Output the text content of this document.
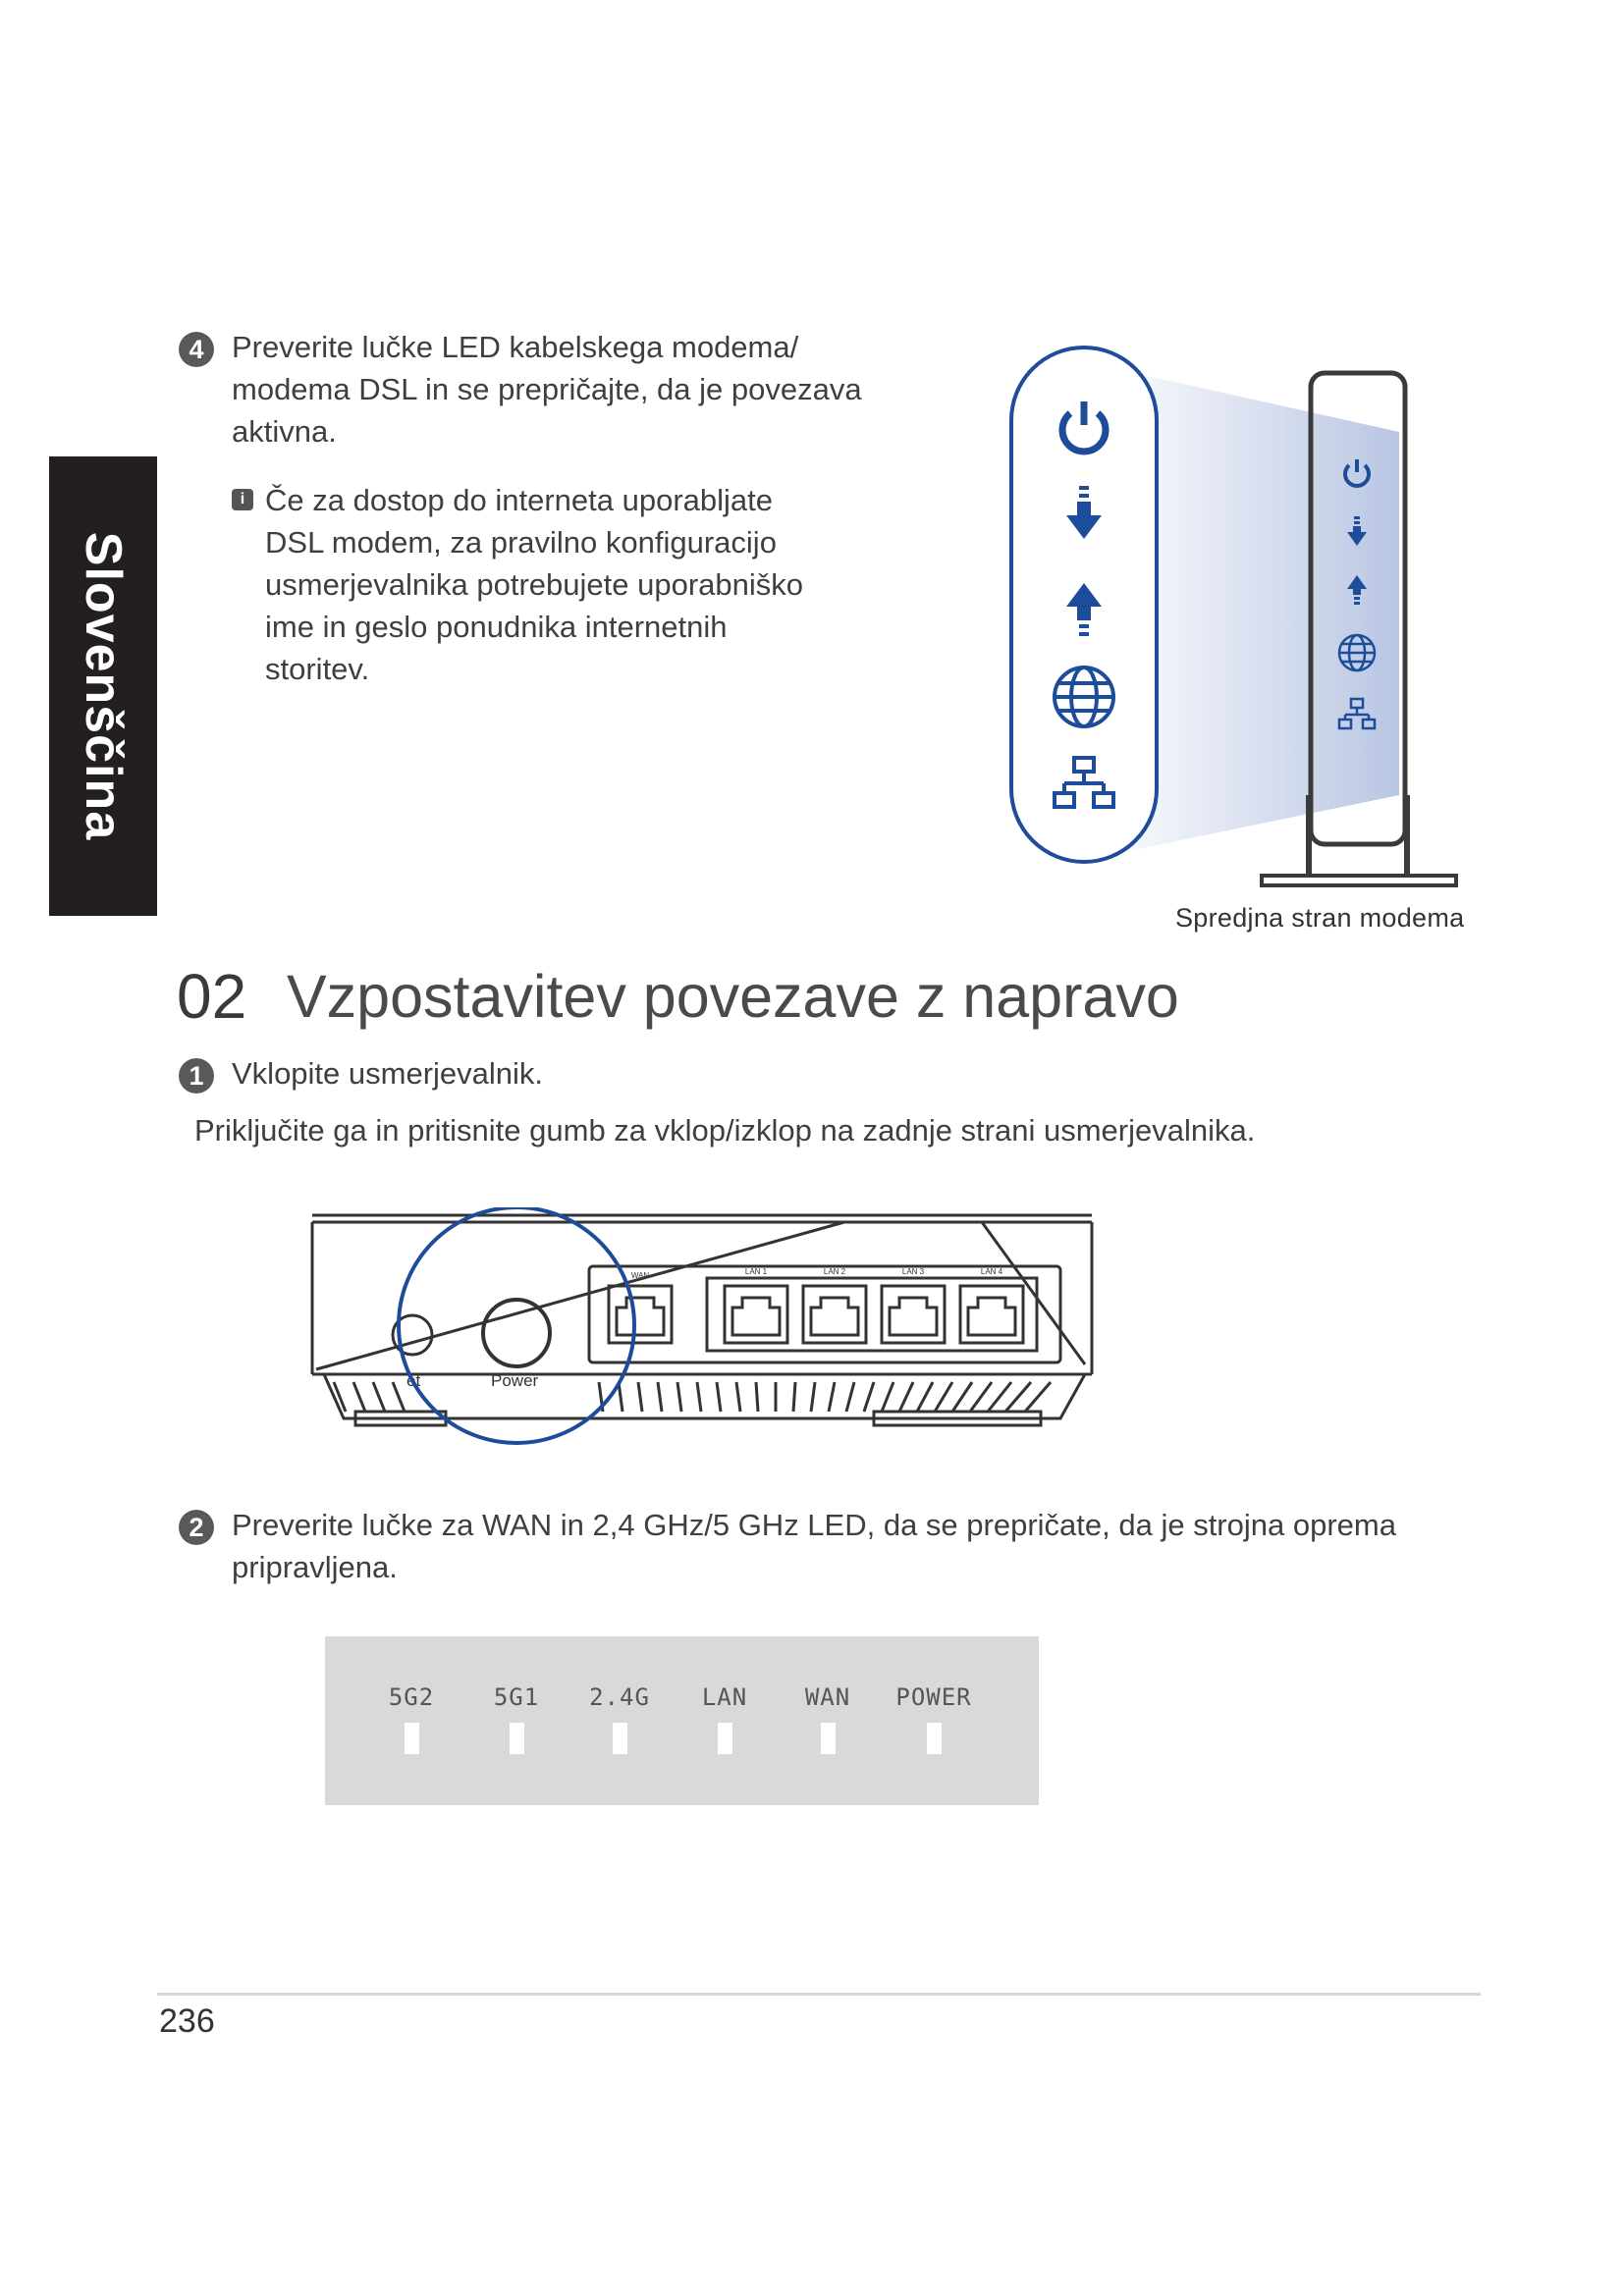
Slovenščina
4 Preverite lučke LED kabelskega modema/
modema DSL in se prepričajte, da je povezava
aktivna.
i Če za dostop do interneta uporabljate
DSL modem, za pravilno konfiguracijo
usmerjevalnika potrebujete uporabniško
ime in geslo ponudnika internetnih
storitev.
Spredjna stran modema
02 Vzpostavitev povezave z napravo
1 Vklopite usmerjevalnik.
Priključite ga in pritisnite gumb za vklop/izklop na zadnje strani usmerjevalnika.
WAN	LAN 1	LAN 2	LAN 3	LAN 4
et	Power
2 Preverite lučke za WAN in 2,4 GHz/5 GHz LED, da se prepričate, da je strojna oprema
pripravljena.
5G2	5G1	2.4G	LAN	WAN	POWER
236
